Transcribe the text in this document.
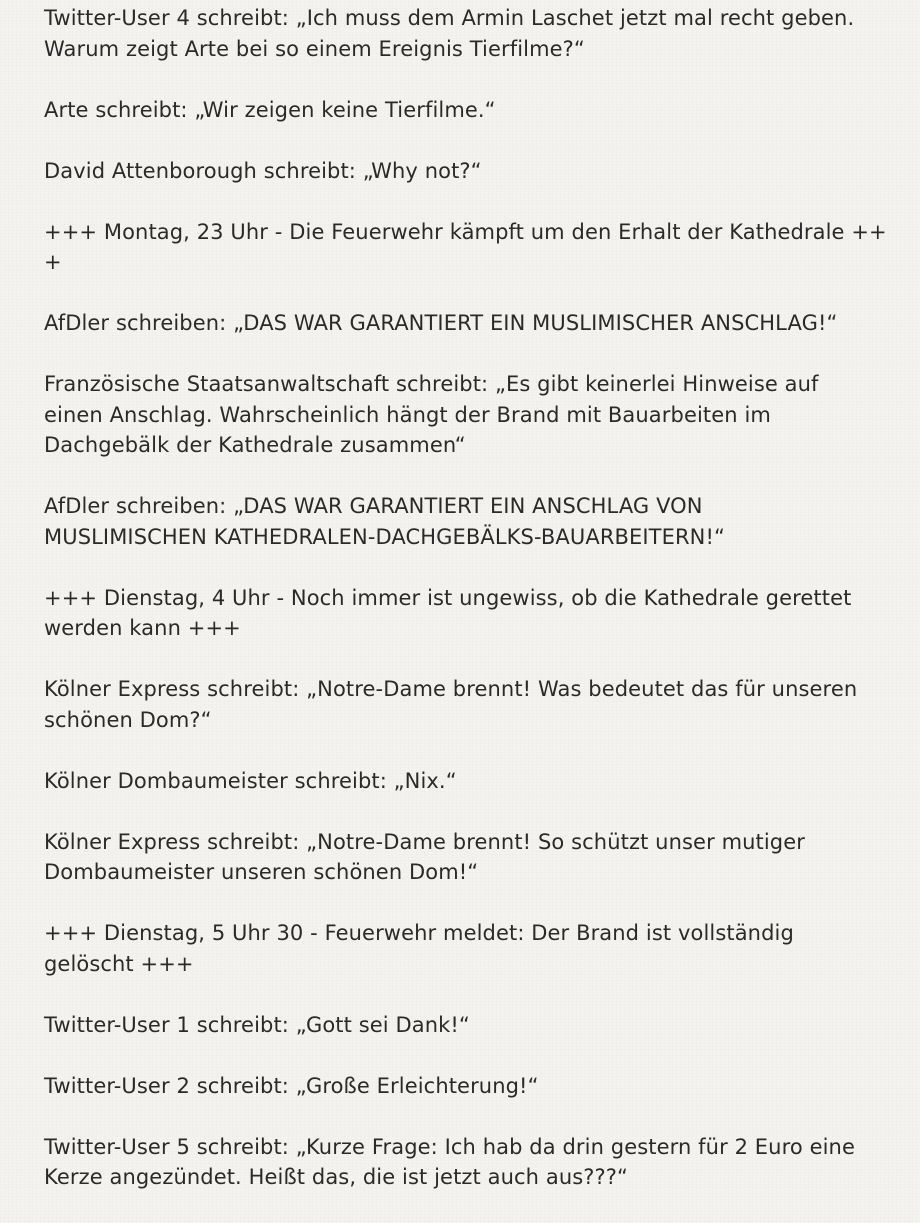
Twitter-User 4 schreibt: „Ich muss dem Armin Laschet jetzt mal recht geben.
Warum zeigt Arte bei so einem Ereignis Tierfilme?“
Arte schreibt: „Wir zeigen keine Tierfilme.“
David Attenborough schreibt: „Why not?“
+++ Montag, 23 Uhr - Die Feuerwehr kämpft um den Erhalt der Kathedrale ++
+
AfDler schreiben: „DAS WAR GARANTIERT EIN MUSLIMISCHER ANSCHLAG!“
Französische Staatsanwaltschaft schreibt: „Es gibt keinerlei Hinweise auf
einen Anschlag. Wahrscheinlich hängt der Brand mit Bauarbeiten im
Dachgebälk der Kathedrale zusammen“
AfDler schreiben: „DAS WAR GARANTIERT EIN ANSCHLAG VON
MUSLIMISCHEN KATHEDRALEN-DACHGEBÄLKS-BAUARBEITERN!“
+++ Dienstag, 4 Uhr - Noch immer ist ungewiss, ob die Kathedrale gerettet
werden kann +++
Kölner Express schreibt: „Notre-Dame brennt! Was bedeutet das für unseren
schönen Dom?“
Kölner Dombaumeister schreibt: „Nix.“
Kölner Express schreibt: „Notre-Dame brennt! So schützt unser mutiger
Dombaumeister unseren schönen Dom!“
+++ Dienstag, 5 Uhr 30 - Feuerwehr meldet: Der Brand ist vollständig
gelöscht +++
Twitter-User 1 schreibt: „Gott sei Dank!“
Twitter-User 2 schreibt: „Große Erleichterung!“
Twitter-User 5 schreibt: „Kurze Frage: Ich hab da drin gestern für 2 Euro eine
Kerze angezündet. Heißt das, die ist jetzt auch aus???“
